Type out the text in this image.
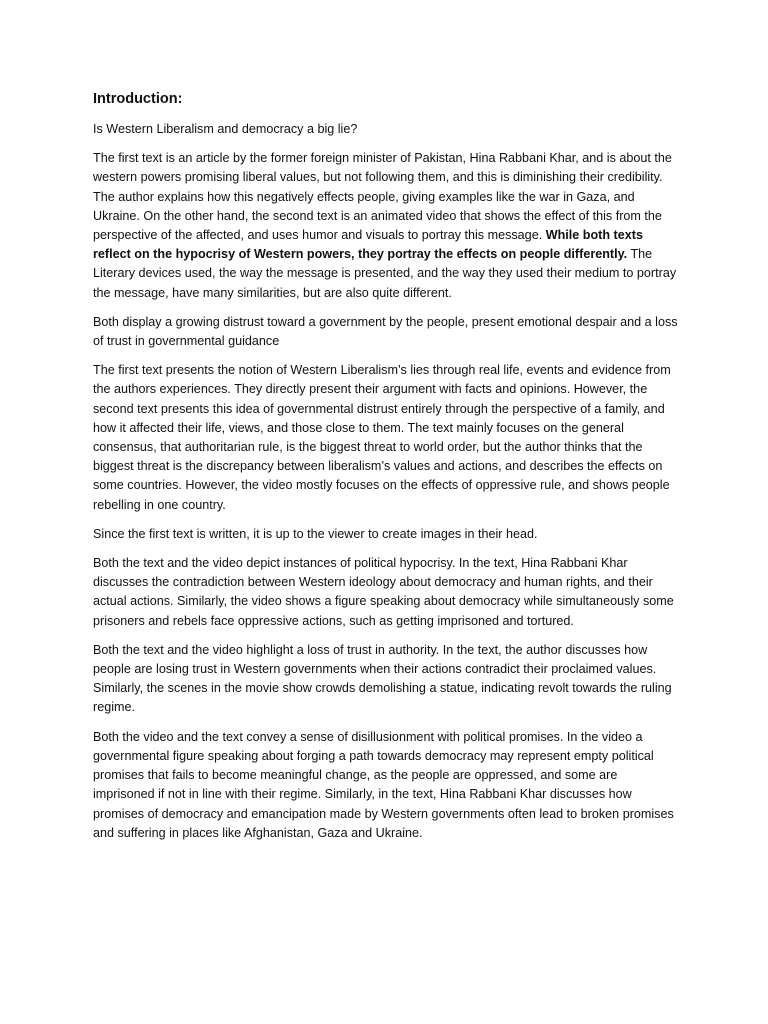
Introduction:

Is Western Liberalism and democracy a big lie?

The first text is an article by the former foreign minister of Pakistan, Hina Rabbani Khar, and is about the western powers promising liberal values, but not following them, and this is diminishing their credibility. The author explains how this negatively effects people, giving examples like the war in Gaza, and Ukraine. On the other hand, the second text is an animated video that shows the effect of this from the perspective of the affected, and uses humor and visuals to portray this message. While both texts reflect on the hypocrisy of Western powers, they portray the effects on people differently. The Literary devices used, the way the message is presented, and the way they used their medium to portray the message, have many similarities, but are also quite different.

Both display a growing distrust toward a government by the people, present emotional despair and a loss of trust in governmental guidance

The first text presents the notion of Western Liberalism’s lies through real life, events and evidence from the authors experiences. They directly present their argument with facts and opinions. However, the second text presents this idea of governmental distrust entirely through the perspective of a family, and how it affected their life, views, and those close to them. The text mainly focuses on the general consensus, that authoritarian rule, is the biggest threat to world order, but the author thinks that the biggest threat is the discrepancy between liberalism’s values and actions, and describes the effects on some countries. However, the video mostly focuses on the effects of oppressive rule, and shows people rebelling in one country.

Since the first text is written, it is up to the viewer to create images in their head.

Both the text and the video depict instances of political hypocrisy. In the text, Hina Rabbani Khar discusses the contradiction between Western ideology about democracy and human rights, and their actual actions. Similarly, the video shows a figure speaking about democracy while simultaneously some prisoners and rebels face oppressive actions, such as getting imprisoned and tortured.

Both the text and the video highlight a loss of trust in authority. In the text, the author discusses how people are losing trust in Western governments when their actions contradict their proclaimed values. Similarly, the scenes in the movie show crowds demolishing a statue, indicating revolt towards the ruling regime.

Both the video and the text convey a sense of disillusionment with political promises. In the video a governmental figure speaking about forging a path towards democracy may represent empty political promises that fails to become meaningful change, as the people are oppressed, and some are imprisoned if not in line with their regime. Similarly, in the text, Hina Rabbani Khar discusses how promises of democracy and emancipation made by Western governments often lead to broken promises and suffering in places like Afghanistan, Gaza and Ukraine.
